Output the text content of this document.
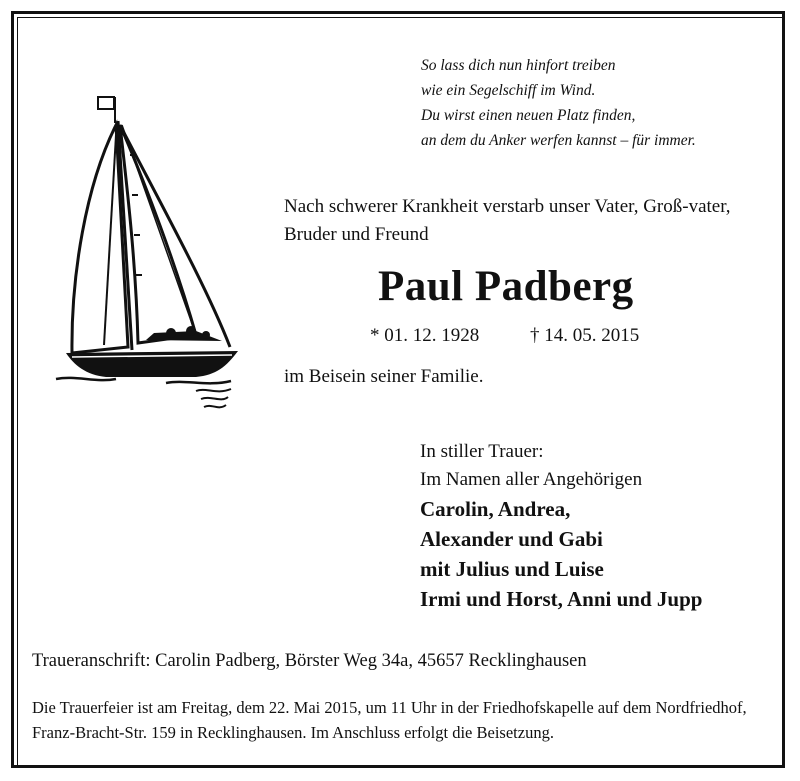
So lass dich nun hinfort treiben
wie ein Segelschiff im Wind.
Du wirst einen neuen Platz finden,
an dem du Anker werfen kannst – für immer.
Nach schwerer Krankheit verstarb unser Vater, Groß-vater, Bruder und Freund
Paul Padberg
* 01. 12. 1928	† 14. 05. 2015
im Beisein seiner Familie.
In stiller Trauer:
Im Namen aller Angehörigen
Carolin, Andrea,
Alexander und Gabi
mit Julius und Luise
Irmi und Horst, Anni und Jupp
Traueranschrift: Carolin Padberg, Börster Weg 34a, 45657 Recklinghausen
Die Trauerfeier ist am Freitag, dem 22. Mai 2015, um 11 Uhr in der Friedhofskapelle auf dem Nordfriedhof, Franz-Bracht-Str. 159 in Recklinghausen. Im Anschluss erfolgt die Beisetzung.
